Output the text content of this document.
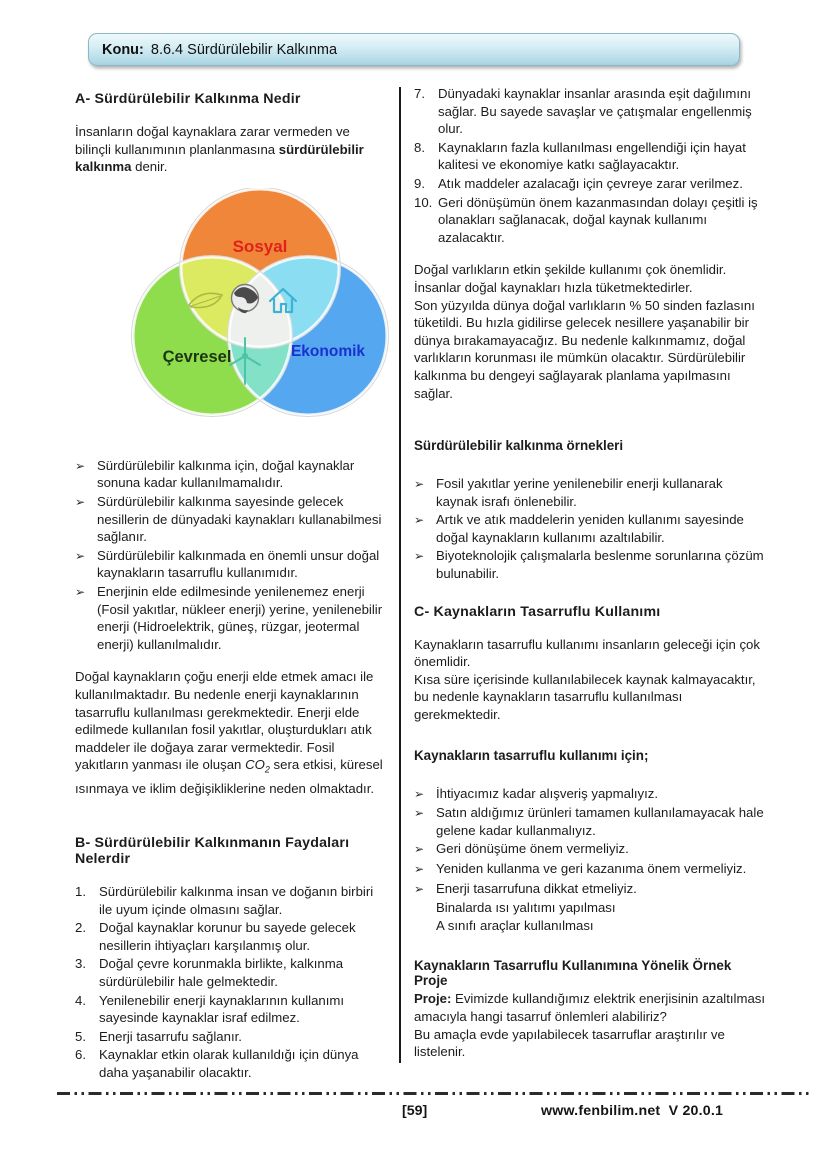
Konu: 8.6.4 Sürdürülebilir Kalkınma
A- Sürdürülebilir Kalkınma Nedir

İnsanların doğal kaynaklara zarar vermeden ve bilinçli kullanımının planlanmasına sürdürülebilir kalkınma denir.

Sosyal
Çevresel	Ekonomik
➢ Sürdürülebilir kalkınma için, doğal kaynaklar sonuna kadar kullanılmamalıdır.
➢ Sürdürülebilir kalkınma sayesinde gelecek nesillerin de dünyadaki kaynakları kullanabilmesi sağlanır.
➢ Sürdürülebilir kalkınmada en önemli unsur doğal kaynakların tasarruflu kullanımıdır.
➢ Enerjinin elde edilmesinde yenilenemez enerji (Fosil yakıtlar, nükleer enerji) yerine, yenilenebilir enerji (Hidroelektrik, güneş, rüzgar, jeotermal enerji) kullanılmalıdır.

Doğal kaynakların çoğu enerji elde etmek amacı ile kullanılmaktadır. Bu nedenle enerji kaynaklarının tasarruflu kullanılması gerekmektedir. Enerji elde edilmede kullanılan fosil yakıtlar, oluşturdukları atık maddeler ile doğaya zarar vermektedir. Fosil yakıtların yanması ile oluşan $CO_2$ sera etkisi, küresel ısınmaya ve iklim değişikliklerine neden olmaktadır.

B- Sürdürülebilir Kalkınmanın Faydaları Nelerdir
1. Sürdürülebilir kalkınma insan ve doğanın birbiri ile uyum içinde olmasını sağlar.
2. Doğal kaynaklar korunur bu sayede gelecek nesillerin ihtiyaçları karşılanmış olur.
3. Doğal çevre korunmakla birlikte, kalkınma sürdürülebilir hale gelmektedir.
4. Yenilenebilir enerji kaynaklarının kullanımı sayesinde kaynaklar israf edilmez.
5. Enerji tasarrufu sağlanır.
6. Kaynaklar etkin olarak kullanıldığı için dünya daha yaşanabilir olacaktır.
7. Dünyadaki kaynaklar insanlar arasında eşit dağılımını sağlar. Bu sayede savaşlar ve çatışmalar engellenmiş olur.
8. Kaynakların fazla kullanılması engellendiği için hayat kalitesi ve ekonomiye katkı sağlayacaktır.
9. Atık maddeler azalacağı için çevreye zarar verilmez.
10. Geri dönüşümün önem kazanmasından dolayı çeşitli iş olanakları sağlanacak, doğal kaynak kullanımı azalacaktır.

Doğal varlıkların etkin şekilde kullanımı çok önemlidir.
İnsanlar doğal kaynakları hızla tüketmektedirler.
Son yüzyılda dünya doğal varlıkların % 50 sinden fazlasını tüketildi. Bu hızla gidilirse gelecek nesillere yaşanabilir bir dünya bırakamayacağız. Bu nedenle kalkınmamız, doğal varlıkların korunması ile mümkün olacaktır. Sürdürülebilir kalkınma bu dengeyi sağlayarak planlama yapılmasını sağlar.

Sürdürülebilir kalkınma örnekleri
➢ Fosil yakıtlar yerine yenilenebilir enerji kullanarak kaynak israfı önlenebilir.
➢ Artık ve atık maddelerin yeniden kullanımı sayesinde doğal kaynakların kullanımı azaltılabilir.
➢ Biyoteknolojik çalışmalarla beslenme sorunlarına çözüm bulunabilir.
C- Kaynakların Tasarruflu Kullanımı

Kaynakların tasarruflu kullanımı insanların geleceği için çok önemlidir.

Kısa süre içerisinde kullanılabilecek kaynak kalmayacaktır, bu nedenle kaynakların tasarruflu kullanılması gerekmektedir.

Kaynakların tasarruflu kullanımı için;
➢ İhtiyacımız kadar alışveriş yapmalıyız.
➢ Satın aldığımız ürünleri tamamen kullanılamayacak hale gelene kadar kullanmalıyız.
➢ Geri dönüşüme önem vermeliyiz.
➢ Yeniden kullanma ve geri kazanıma önem vermeliyiz.
➢ Enerji tasarrufuna dikkat etmeliyiz.
Binalarda ısı yalıtımı yapılması
A sınıfı araçlar kullanılması
Kaynakların Tasarruflu Kullanımına Yönelik Örnek Proje

Proje: Evimizde kullandığımız elektrik enerjisinin azaltılması amacıyla hangi tasarruf önlemleri alabiliriz?

Bu amaçla evde yapılabilecek tasarruflar araştırılır ve listelenir.

[59]	www.fenbilim.net V 20.0.1
